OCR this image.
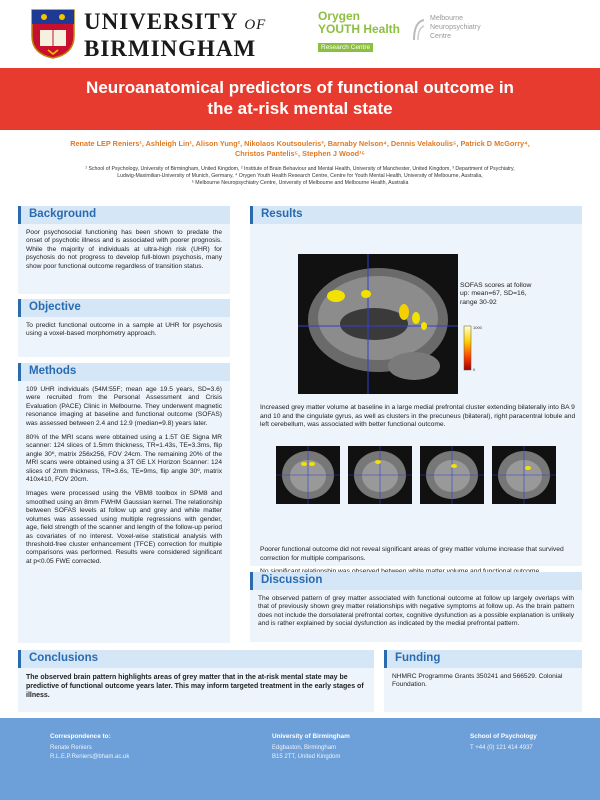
UNIVERSITY OF
BIRMINGHAM
Orygen
YOUTH Health
Research Centre
Melbourne Neuropsychiatry Centre
Neuroanatomical predictors of functional outcome in
the at-risk mental state
Renate LEP Reniers¹, Ashleigh Lin¹, Alison Yung², Nikolaos Koutsouleris³, Barnaby Nelson⁴, Dennis Velakoulis⁵, Patrick D McGorry⁴,
Christos Pantelis⁵, Stephen J Wood¹⁵
¹ School of Psychology, University of Birmingham, United Kingdom, ² Institute of Brain Behaviour and Mental Health, University of Manchester, United Kingdom, ³ Department of Psychiatry,
Ludwig-Maximilian-University of Munich, Germany, ⁴ Orygen Youth Health Research Centre, Centre for Youth Mental Health, University of Melbourne, Australia,
⁵ Melbourne Neuropsychiatry Centre, University of Melbourne and Melbourne Health, Australia
Background
Poor psychosocial functioning has been shown to predate the onset of psychotic illness and is associated with poorer prognosis. While the majority of individuals at ultra-high risk (UHR) for psychosis do not progress to develop full-blown psychosis, many show poor functional outcome regardless of transition status.
Objective
To predict functional outcome in a sample at UHR for psychosis using a voxel-based morphometry approach.
Methods

109 UHR individuals (54M:55F; mean age 19.5 years, SD=3.6) were recruited from the Personal Assessment and Crisis Evaluation (PACE) Clinic in Melbourne. They underwent magnetic resonance imaging at baseline and functional outcome (SOFAS) was assessed between 2.4 and 12.9 (median=9.8) years later.

80% of the MRI scans were obtained using a 1.5T GE Signa MR scanner: 124 slices of 1.5mm thickness, TR=1.43s, TE=3.3ms, flip angle 30º, matrix 256x256, FOV 24cm. The remaining 20% of the MRI scans were obtained using a 3T GE LX Horizon Scanner: 124 slices of 2mm thickness, TR=3.6s, TE=9ms, flip angle 30º, matrix 410x410, FOV 20cm.

Images were processed using the VBM8 toolbox in SPM8 and smoothed using an 8mm FWHM Gaussian kernel. The relationship between SOFAS levels at follow up and grey and white matter volumes was assessed using multiple regressions with gender, age, field strength of the scanner and length of the follow-up period as covariates of no interest. Voxel-wise statistical analysis with threshold-free cluster enhancement (TFCE) correction for multiple comparisons was performed. Results were considered significant at p<0.05 FWE corrected.

Results
SOFAS scores at follow up: mean=67, SD=16, range 30-92
1000
0
Increased grey matter volume at baseline in a large medial prefrontal cluster extending bilaterally into BA 9 and 10 and the cingulate gyrus, as well as clusters in the precuneus (bilateral), right paracentral lobule and left cerebellum, was associated with better functional outcome.
Poorer functional outcome did not reveal significant areas of grey matter volume increase that survived correction for multiple comparisons.
Discussion
The observed pattern of grey matter associated with functional outcome at follow up largely overlaps with that of previously shown grey matter relationships with negative symptoms at follow up. As the brain pattern does not include the dorsolateral prefrontal cortex, cognitive dysfunction as a possible explanation is unlikely and is rather explained by social dysfunction as indicated by the medial prefrontal pattern.
Conclusions
The observed brain pattern highlights areas of grey matter that in the at-risk mental state may be predictive of functional outcome years later. This may inform targeted treatment in the early stages of illness.
Funding
NHMRC Programme Grants 350241 and 566529. Colonial Foundation.
Correspondence to:
Renate Reniers
R.L.E.P.Reniers@bham.ac.uk
University of Birmingham
Edgbaston, Birmingham
B15 2TT, United Kingdom
School of Psychology
T +44 (0) 121 414 4937
